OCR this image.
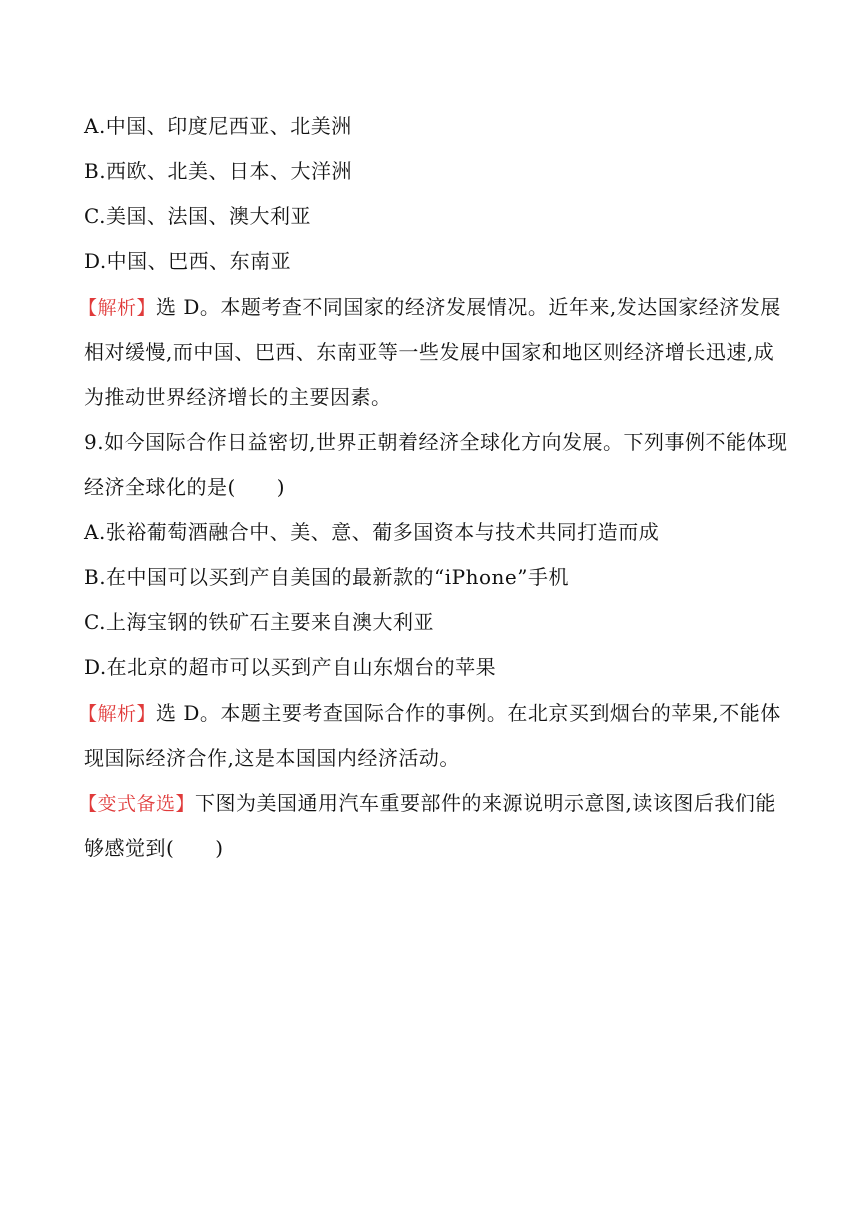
A.中国、印度尼西亚、北美洲
B.西欧、北美、日本、大洋洲
C.美国、法国、澳大利亚
D.中国、巴西、东南亚
【解析】选 D。本题考查不同国家的经济发展情况。近年来,发达国家经济发展
相对缓慢,而中国、巴西、东南亚等一些发展中国家和地区则经济增长迅速,成
为推动世界经济增长的主要因素。
9.如今国际合作日益密切,世界正朝着经济全球化方向发展。下列事例不能体现
经济全球化的是(　　)
A.张裕葡萄酒融合中、美、意、葡多国资本与技术共同打造而成
B.在中国可以买到产自美国的最新款的“iPhone”手机
C.上海宝钢的铁矿石主要来自澳大利亚
D.在北京的超市可以买到产自山东烟台的苹果
【解析】选 D。本题主要考查国际合作的事例。在北京买到烟台的苹果,不能体
现国际经济合作,这是本国国内经济活动。
【变式备选】下图为美国通用汽车重要部件的来源说明示意图,读该图后我们能
够感觉到(　　)
